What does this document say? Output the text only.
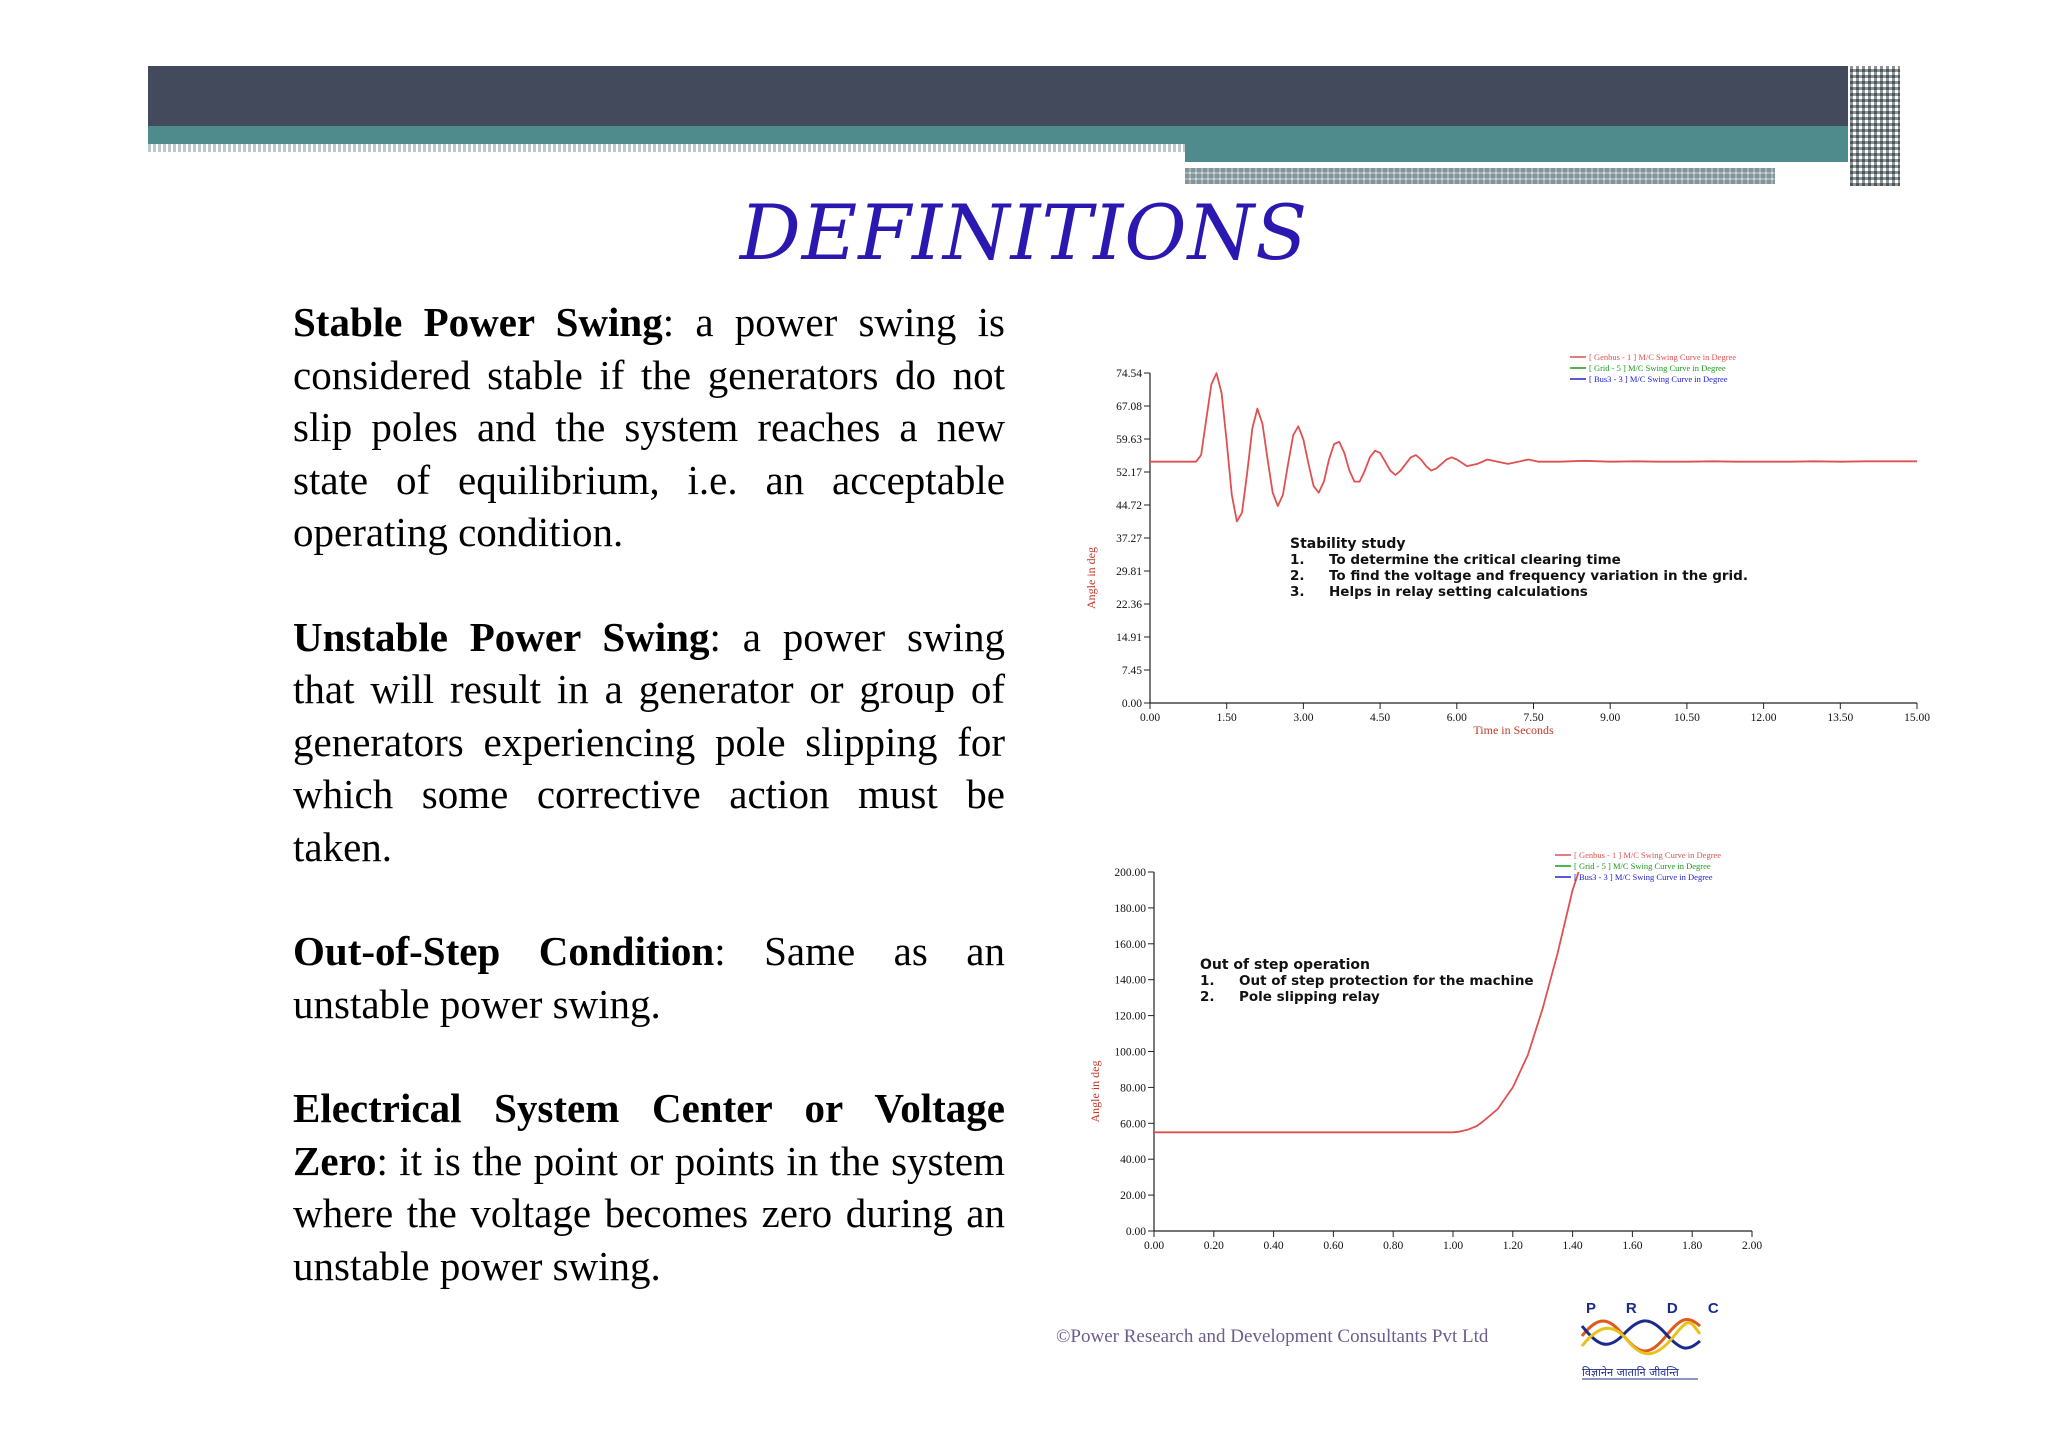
DEFINITIONS

Stable Power Swing: a power swing is considered stable if the generators do not slip poles and the system reaches a new state of equilibrium, i.e. an acceptable operating condition.

Unstable Power Swing: a power swing that will result in a generator or group of generators experiencing pole slipping for which some corrective action must be taken.

Out-of-Step Condition: Same as an unstable power swing.

Electrical System Center or Voltage Zero: it is the point or points in the system where the voltage becomes zero during an unstable power swing.

0.00	1.50	3.00	4.50	6.00	7.50	9.00	10.50	12.00	13.50	15.00
0.00
7.45
14.91
22.36
29.81
37.27
44.72
52.17
59.63
67.08
74.54
Time in Seconds
Angle in deg
[ Genbus - 1 ] M/C Swing Curve in Degree
[ Grid - 5 ] M/C Swing Curve in Degree
[ Bus3 - 3 ] M/C Swing Curve in Degree
Stability study
1. To determine the critical clearing time
2. To find the voltage and frequency variation in the grid.
3. Helps in relay setting calculations
0.00	0.20	0.40	0.60	0.80	1.00	1.20	1.40	1.60	1.80	2.00
0.00
20.00
40.00
60.00
80.00
100.00
120.00
140.00
160.00
180.00
200.00
Angle in deg
[ Genbus - 1 ] M/C Swing Curve in Degree
[ Grid - 5 ] M/C Swing Curve in Degree
[ Bus3 - 3 ] M/C Swing Curve in Degree
Out of step operation
1. Out of step protection for the machine
2. Pole slipping relay
©Power Research and Development Consultants Pvt Ltd
P R D C
विज्ञानेन जातानि जीवन्ति
